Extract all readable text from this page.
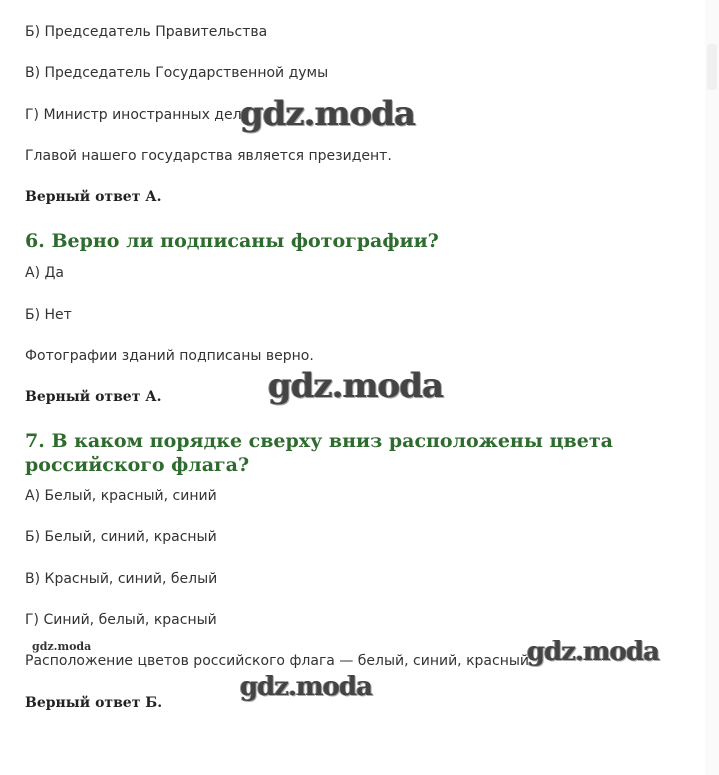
Б) Председатель Правительства

В) Председатель Государственной думы

Г) Министр иностранных дел

Главой нашего государства является президент.

Верный ответ А.

6. Верно ли подписаны фотографии?

А) Да

Б) Нет

Фотографии зданий подписаны верно.

Верный ответ А.

7. В каком порядке сверху вниз расположены цвета российского флага?

А) Белый, красный, синий

Б) Белый, синий, красный

В) Красный, синий, белый

Г) Синий, белый, красный

Расположение цветов российского флага — белый, синий, красный.

Верный ответ Б.

gdz.moda
gdz.moda
gdz.moda	gdz.moda
gdz.moda
